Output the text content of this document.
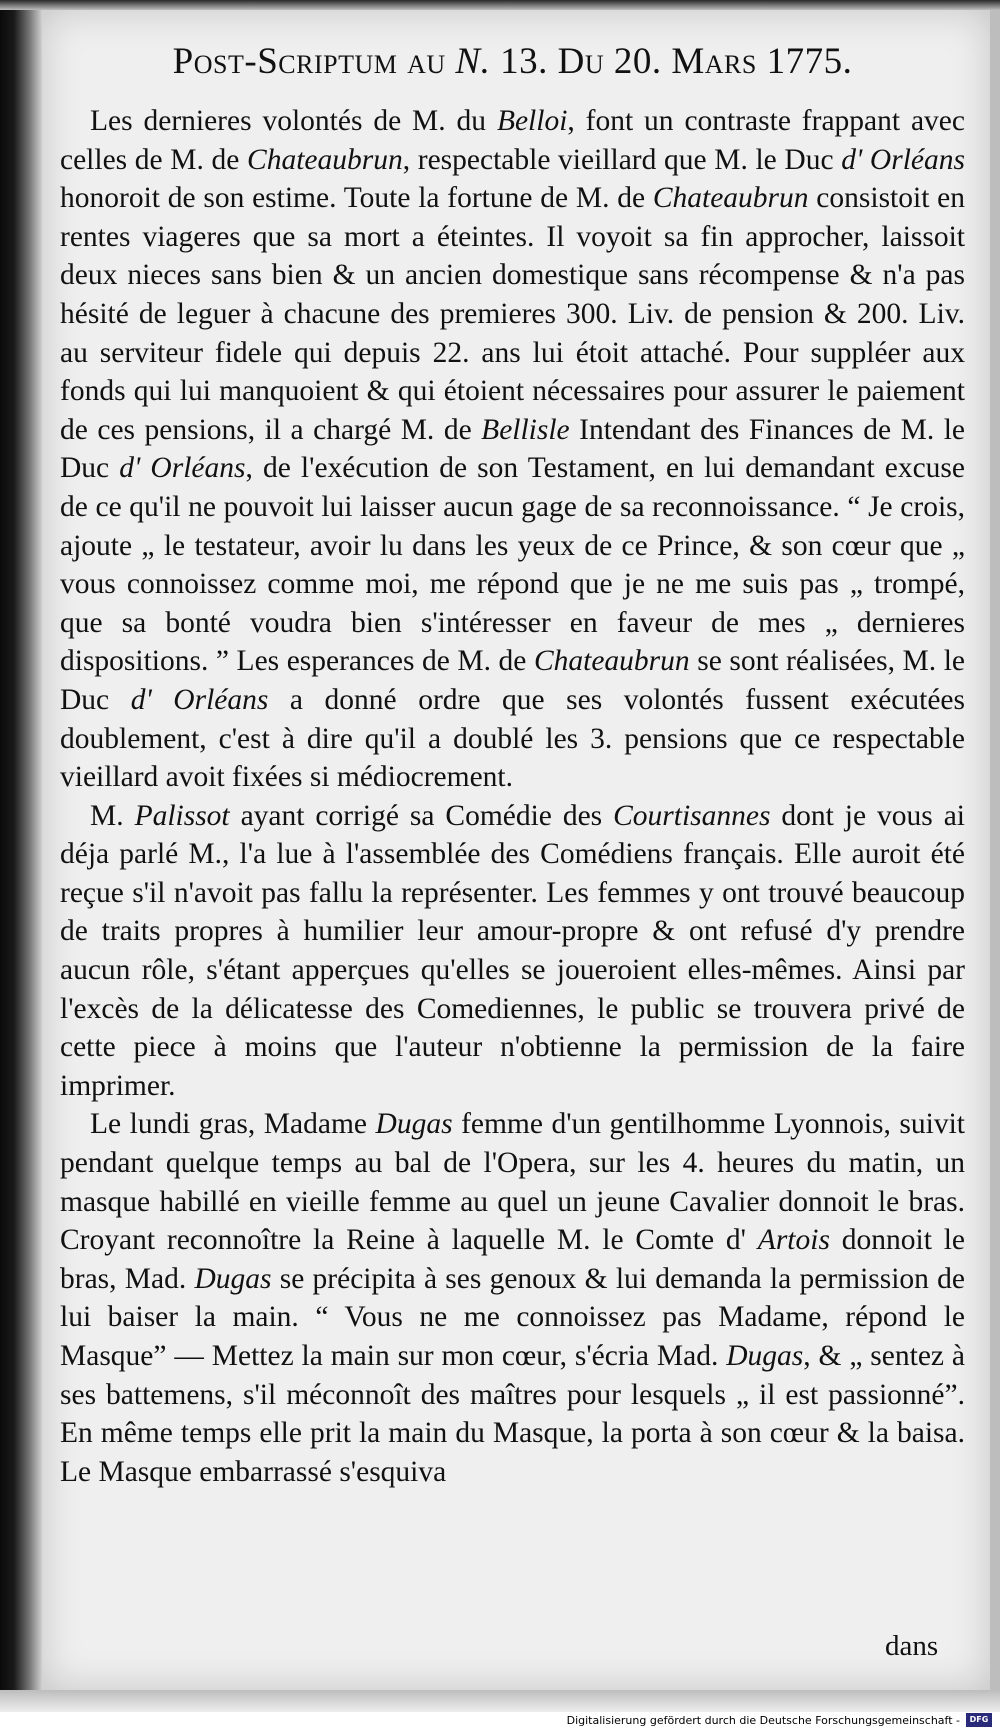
Post-Scriptum au N. 13. Du 20. Mars 1775.

Les dernieres volontés de M. du Belloi, font un contraste frappant avec celles de M. de Chateaubrun, respectable vieillard que M. le Duc d' Orléans honoroit de son estime. Toute la fortune de M. de Chateaubrun consistoit en rentes viageres que sa mort a éteintes. Il voyoit sa fin approcher, laissoit deux nieces sans bien & un ancien domestique sans récompense & n'a pas hésité de leguer à chacune des premieres 300. Liv. de pension & 200. Liv. au serviteur fidele qui depuis 22. ans lui étoit attaché. Pour suppléer aux fonds qui lui manquoient & qui étoient nécessaires pour assurer le paiement de ces pensions, il a chargé M. de Bellisle Intendant des Finances de M. le Duc d' Orléans, de l'exécution de son Testament, en lui demandant excuse de ce qu'il ne pouvoit lui laisser aucun gage de sa reconnoissance. “ Je crois, ajoute „ le testateur, avoir lu dans les yeux de ce Prince, & son cœur que „ vous connoissez comme moi, me répond que je ne me suis pas „ trompé, que sa bonté voudra bien s'intéresser en faveur de mes „ dernieres dispositions. ” Les esperances de M. de Chateaubrun se sont réalisées, M. le Duc d' Orléans a donné ordre que ses volontés fussent exécutées doublement, c'est à dire qu'il a doublé les 3. pensions que ce respectable vieillard avoit fixées si médiocrement.

M. Palissot ayant corrigé sa Comédie des Courtisannes dont je vous ai déja parlé M., l'a lue à l'assemblée des Comédiens français. Elle auroit été reçue s'il n'avoit pas fallu la représenter. Les femmes y ont trouvé beaucoup de traits propres à humilier leur amour-propre & ont refusé d'y prendre aucun rôle, s'étant apperçues qu'elles se joueroient elles-mêmes. Ainsi par l'excès de la délicatesse des Comediennes, le public se trouvera privé de cette piece à moins que l'auteur n'obtienne la permission de la faire imprimer.

Le lundi gras, Madame Dugas femme d'un gentilhomme Lyonnois, suivit pendant quelque temps au bal de l'Opera, sur les 4. heures du matin, un masque habillé en vieille femme au quel un jeune Cavalier donnoit le bras. Croyant reconnoître la Reine à laquelle M. le Comte d' Artois donnoit le bras, Mad. Dugas se précipita à ses genoux & lui demanda la permission de lui baiser la main. “ Vous ne me connoissez pas Madame, répond le Masque” — Mettez la main sur mon cœur, s'écria Mad. Dugas, & „ sentez à ses battemens, s'il méconnoît des maîtres pour lesquels „ il est passionné”. En même temps elle prit la main du Masque, la porta à son cœur & la baisa. Le Masque embarrassé s'esquiva

dans
Digitalisierung gefördert durch die Deutsche Forschungsgemeinschaft -	DFG
